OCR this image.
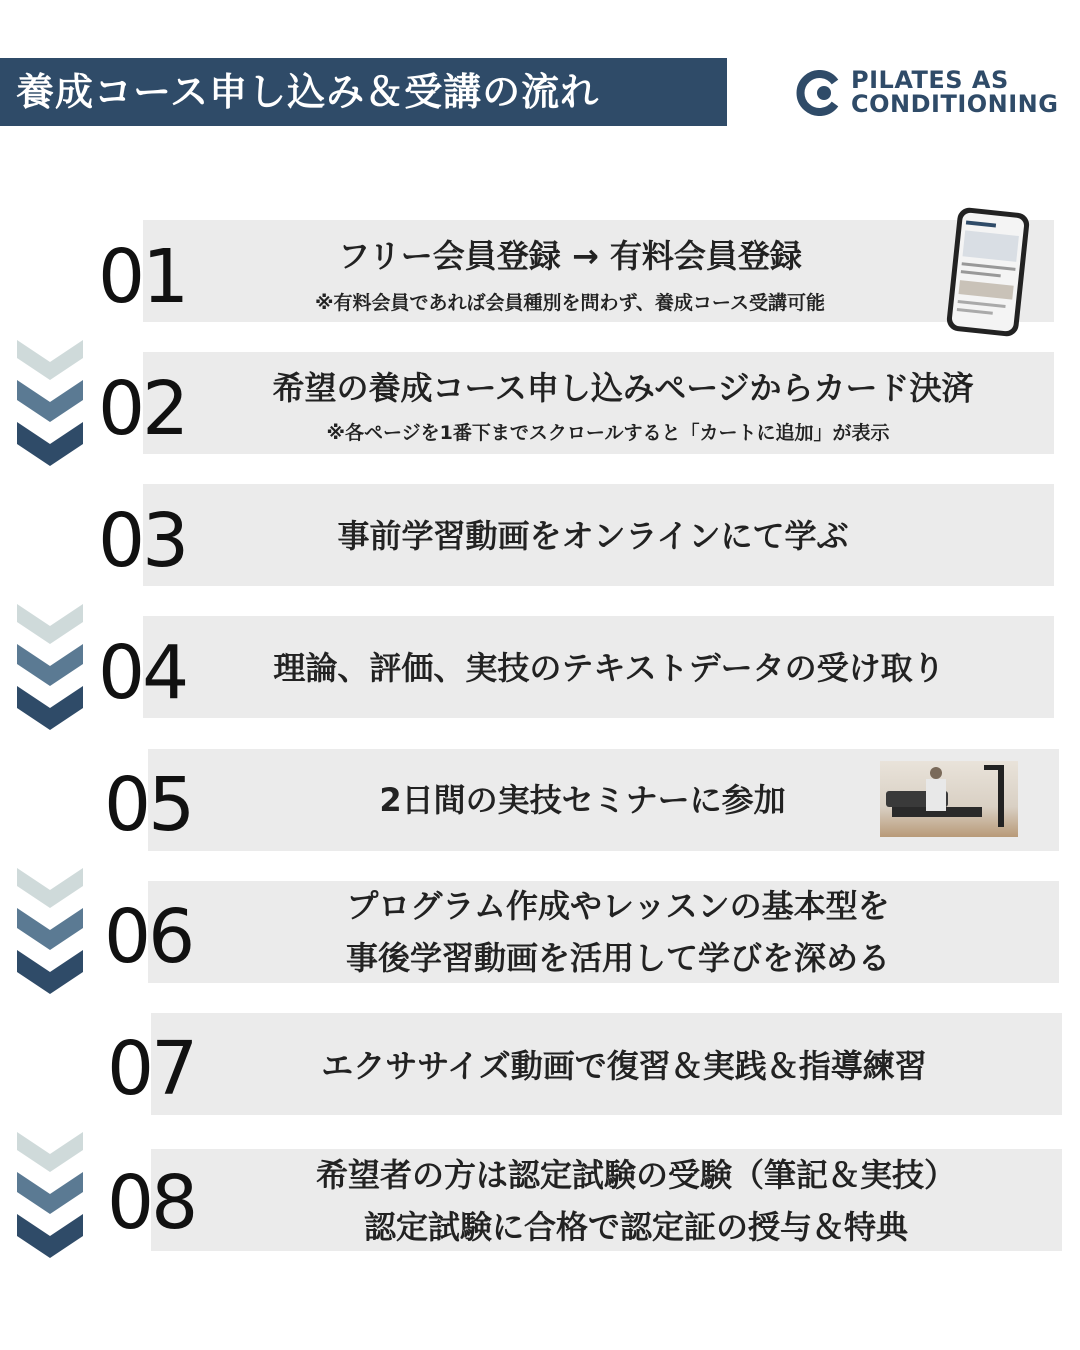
養成コース申し込み＆受講の流れ	PILATES AS
CONDITIONING
01	フリー会員登録 → 有料会員登録
※有料会員であれば会員種別を問わず、養成コース受講可能
02	希望の養成コース申し込みページからカード決済
※各ページを1番下までスクロールすると「カートに追加」が表示
03	事前学習動画をオンラインにて学ぶ
04	理論、評価、実技のテキストデータの受け取り
05	2日間の実技セミナーに参加
06	プログラム作成やレッスンの基本型を
事後学習動画を活用して学びを深める
07	エクササイズ動画で復習＆実践＆指導練習
08	希望者の方は認定試験の受験（筆記＆実技）
認定試験に合格で認定証の授与＆特典
